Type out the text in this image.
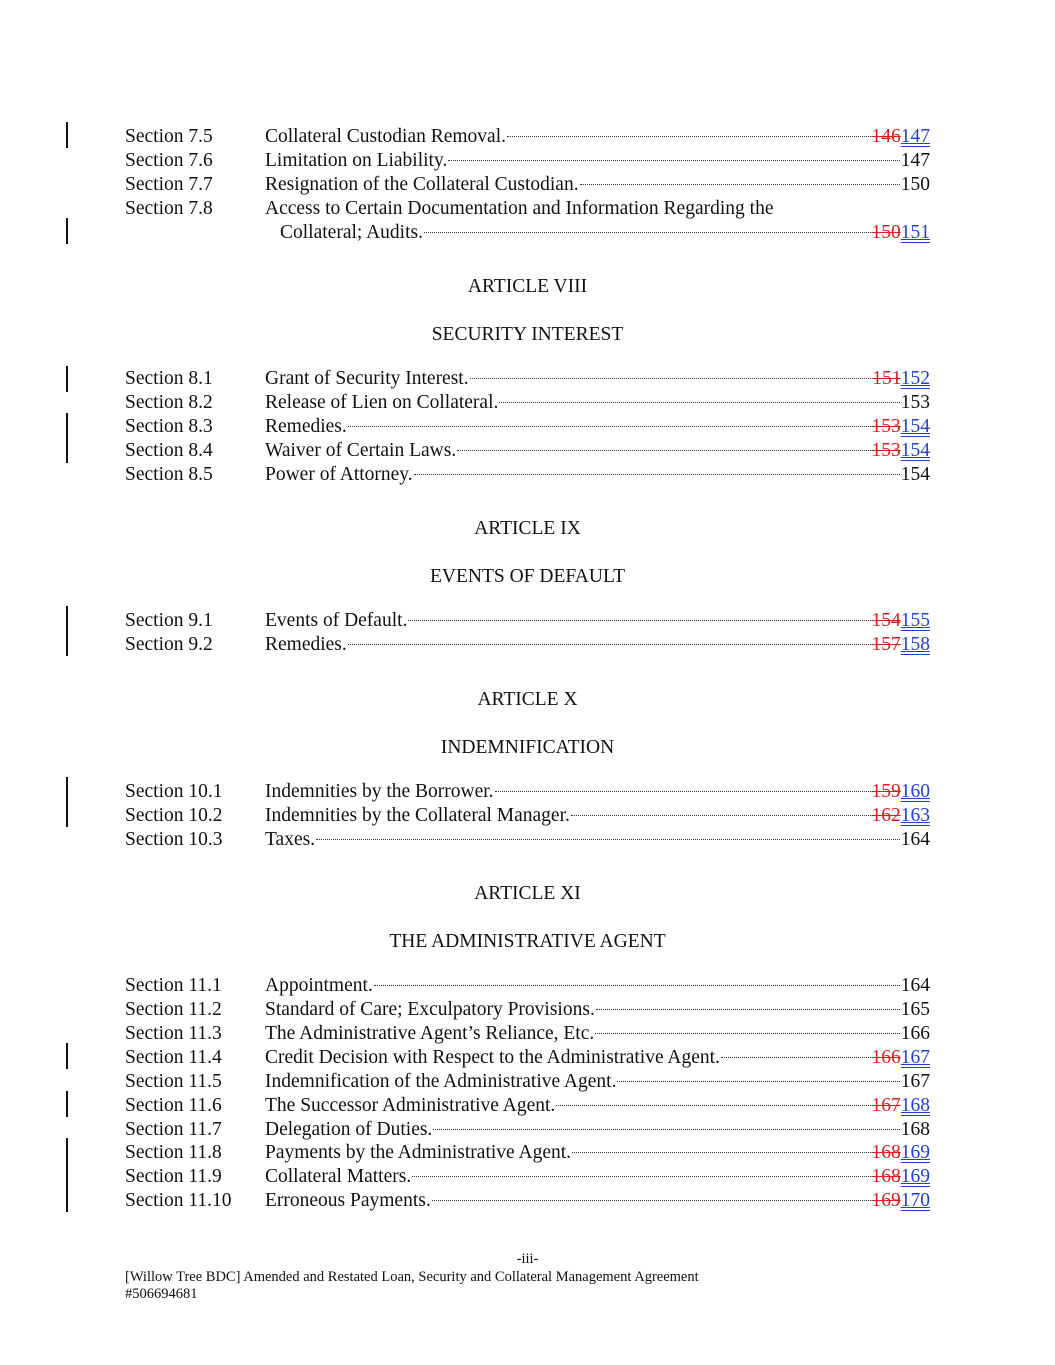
Section 7.5	Collateral Custodian Removal.	146147
Section 7.6	Limitation on Liability.	147
Section 7.7	Resignation of the Collateral Custodian.	150
Section 7.8	Access to Certain Documentation and Information Regarding the
Collateral; Audits.	150151
ARTICLE VIII
SECURITY INTEREST
Section 8.1	Grant of Security Interest.	151152
Section 8.2	Release of Lien on Collateral.	153
Section 8.3	Remedies.	153154
Section 8.4	Waiver of Certain Laws.	153154
Section 8.5	Power of Attorney.	154
ARTICLE IX
EVENTS OF DEFAULT
Section 9.1	Events of Default.	154155
Section 9.2	Remedies.	157158
ARTICLE X
INDEMNIFICATION
Section 10.1 Indemnities by the Borrower.	159160
Section 10.2 Indemnities by the Collateral Manager.	162163
Section 10.3 Taxes.	164
ARTICLE XI
THE ADMINISTRATIVE AGENT
Section 11.1 Appointment.	164
Section 11.2 Standard of Care; Exculpatory Provisions.	165
Section 11.3 The Administrative Agent’s Reliance, Etc.	166
Section 11.4 Credit Decision with Respect to the Administrative Agent.	166167
Section 11.5 Indemnification of the Administrative Agent.	167
Section 11.6 The Successor Administrative Agent.	167168
Section 11.7 Delegation of Duties.	168
Section 11.8 Payments by the Administrative Agent.	168169
Section 11.9 Collateral Matters.	168169
Section 11.10 Erroneous Payments.	169170
-iii-
[Willow Tree BDC] Amended and Restated Loan, Security and Collateral Management Agreement
#506694681
